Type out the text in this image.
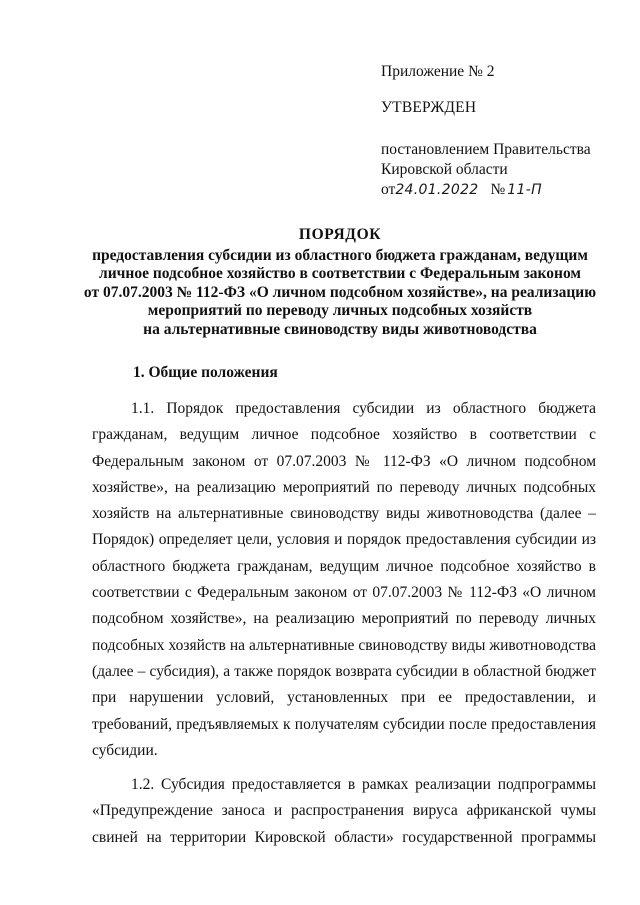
Приложение № 2
УТВЕРЖДЕН
постановлением Правительства
Кировской области
от24.01.2022 № 11-П
ПОРЯДОК
предоставления субсидии из областного бюджета гражданам, ведущим
личное подсобное хозяйство в соответствии с Федеральным законом
от 07.07.2003 № 112-ФЗ «О личном подсобном хозяйстве», на реализацию
мероприятий по переводу личных подсобных хозяйств
на альтернативные свиноводству виды животноводства
1. Общие положения
1.1. Порядок предоставления субсидии из областного бюджета
гражданам, ведущим личное подсобное хозяйство в соответствии с
Федеральным законом от 07.07.2003 № 112-ФЗ «О личном подсобном
хозяйстве», на реализацию мероприятий по переводу личных подсобных
хозяйств на альтернативные свиноводству виды животноводства (далее –
Порядок) определяет цели, условия и порядок предоставления субсидии из
областного бюджета гражданам, ведущим личное подсобное хозяйство в
соответствии с Федеральным законом от 07.07.2003 № 112-ФЗ «О личном
подсобном хозяйстве», на реализацию мероприятий по переводу личных
подсобных хозяйств на альтернативные свиноводству виды животноводства
(далее – субсидия), а также порядок возврата субсидии в областной бюджет
при нарушении условий, установленных при ее предоставлении, и
требований, предъявляемых к получателям субсидии после предоставления
субсидии.
1.2. Субсидия предоставляется в рамках реализации подпрограммы
«Предупреждение заноса и распространения вируса африканской чумы
свиней на территории Кировской области» государственной программы
